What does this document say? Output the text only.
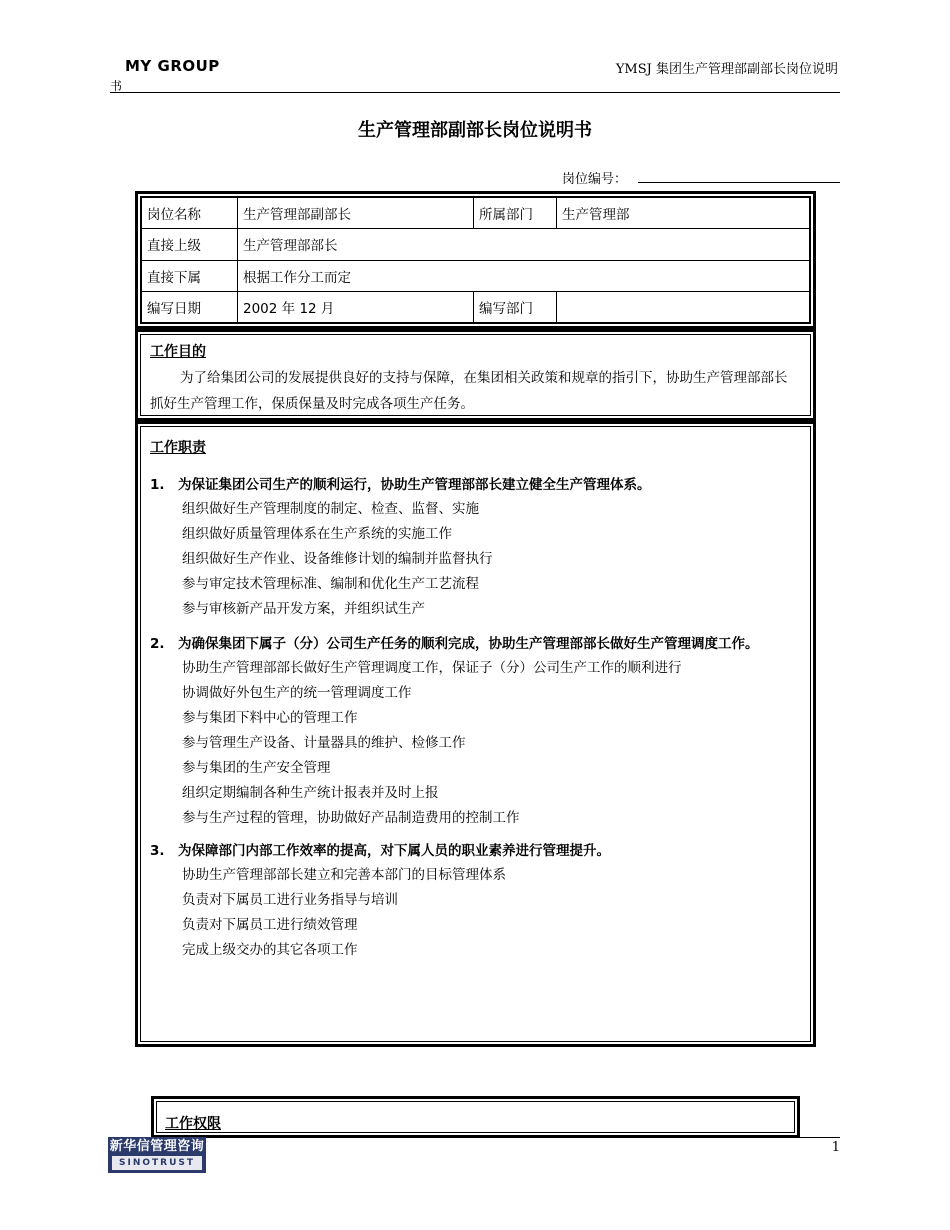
MY GROUP	YMSJ 集团生产管理部副部长岗位说明
书
生产管理部副部长岗位说明书
岗位编号：
岗位名称	生产管理部副部长	所属部门	生产管理部
直接上级	生产管理部部长		
直接下属	根据工作分工而定		
编写日期	2002 年 12 月	编写部门	
工作目的

为了给集团公司的发展提供良好的支持与保障，在集团相关政策和规章的指引下，协助生产管理部部长抓好生产管理工作，保质保量及时完成各项生产任务。

工作职责
1. 为保证集团公司生产的顺利运行，协助生产管理部部长建立健全生产管理体系。
组织做好生产管理制度的制定、检查、监督、实施
组织做好质量管理体系在生产系统的实施工作
组织做好生产作业、设备维修计划的编制并监督执行
参与审定技术管理标准、编制和优化生产工艺流程
参与审核新产品开发方案，并组织试生产
2. 为确保集团下属子（分）公司生产任务的顺利完成，协助生产管理部部长做好生产管理调度工作。
协助生产管理部部长做好生产管理调度工作，保证子（分）公司生产工作的顺利进行
协调做好外包生产的统一管理调度工作
参与集团下料中心的管理工作
参与管理生产设备、计量器具的维护、检修工作
参与集团的生产安全管理
组织定期编制各种生产统计报表并及时上报
参与生产过程的管理，协助做好产品制造费用的控制工作
3. 为保障部门内部工作效率的提高，对下属人员的职业素养进行管理提升。
协助生产管理部部长建立和完善本部门的目标管理体系
负责对下属员工进行业务指导与培训
负责对下属员工进行绩效管理
完成上级交办的其它各项工作
工作权限
新华信管理咨询
SINOTRUST
1
